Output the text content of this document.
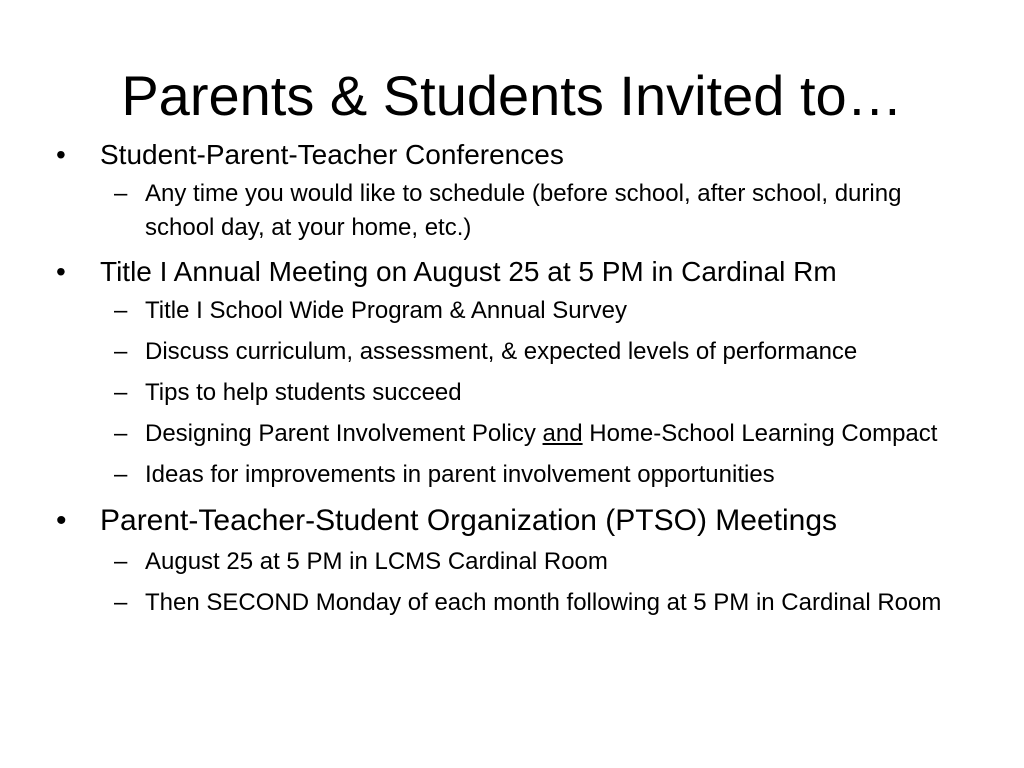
Parents & Students Invited to…
•	Student-Parent-Teacher Conferences
– Any time you would like to schedule (before school, after school, during school day, at your home, etc.)
•	Title I Annual Meeting on August 25 at 5 PM in Cardinal Rm
– Title I School Wide Program & Annual Survey
– Discuss curriculum, assessment, & expected levels of performance
– Tips to help students succeed
– Designing Parent Involvement Policy and Home-School Learning Compact
– Ideas for improvements in parent involvement opportunities
•	Parent-Teacher-Student Organization (PTSO) Meetings
– August 25 at 5 PM in LCMS Cardinal Room
– Then SECOND Monday of each month following at 5 PM in Cardinal Room
